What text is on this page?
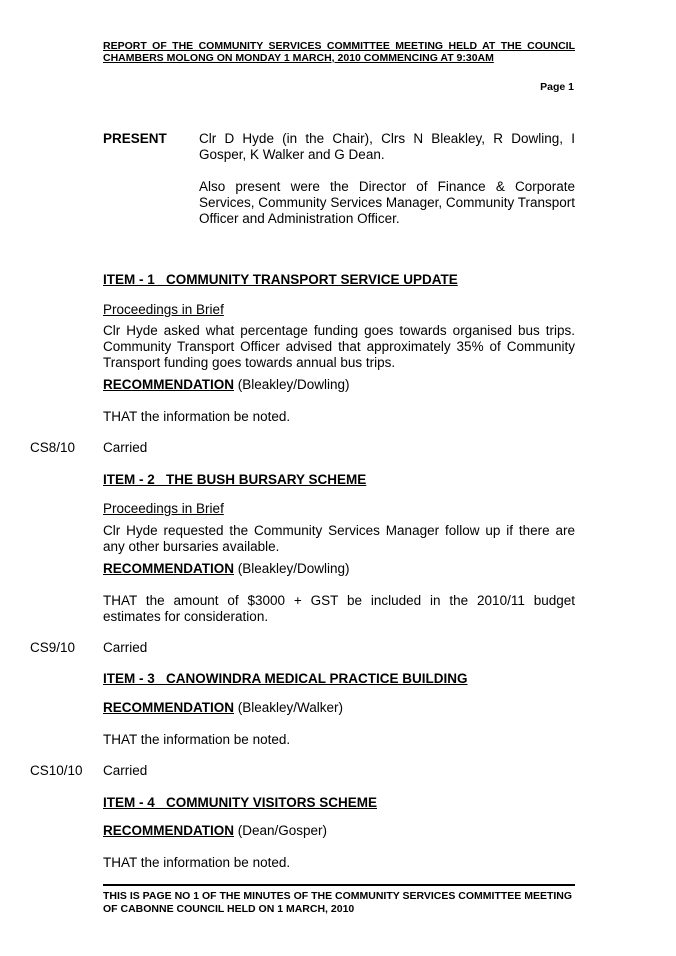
REPORT OF THE COMMUNITY SERVICES COMMITTEE MEETING HELD AT THE COUNCIL CHAMBERS MOLONG ON MONDAY 1 MARCH, 2010 COMMENCING AT 9:30AM
Page 1
PRESENT Clr D Hyde (in the Chair), Clrs N Bleakley, R Dowling, I Gosper, K Walker and G Dean.
Also present were the Director of Finance & Corporate Services, Community Services Manager, Community Transport Officer and Administration Officer.
ITEM - 1   COMMUNITY TRANSPORT SERVICE UPDATE
Proceedings in Brief
Clr Hyde asked what percentage funding goes towards organised bus trips. Community Transport Officer advised that approximately 35% of Community Transport funding goes towards annual bus trips.
RECOMMENDATION (Bleakley/Dowling)
THAT the information be noted.
CS8/10 Carried
ITEM - 2   THE BUSH BURSARY SCHEME
Proceedings in Brief
Clr Hyde requested the Community Services Manager follow up if there are any other bursaries available.
RECOMMENDATION (Bleakley/Dowling)
THAT the amount of $3000 + GST be included in the 2010/11 budget estimates for consideration.
CS9/10 Carried
ITEM - 3   CANOWINDRA MEDICAL PRACTICE BUILDING
RECOMMENDATION (Bleakley/Walker)
THAT the information be noted.
CS10/10 Carried
ITEM - 4   COMMUNITY VISITORS SCHEME
RECOMMENDATION (Dean/Gosper)
THAT the information be noted.
THIS IS PAGE NO 1 OF THE MINUTES OF THE COMMUNITY SERVICES COMMITTEE MEETING OF CABONNE COUNCIL HELD ON 1 MARCH, 2010
